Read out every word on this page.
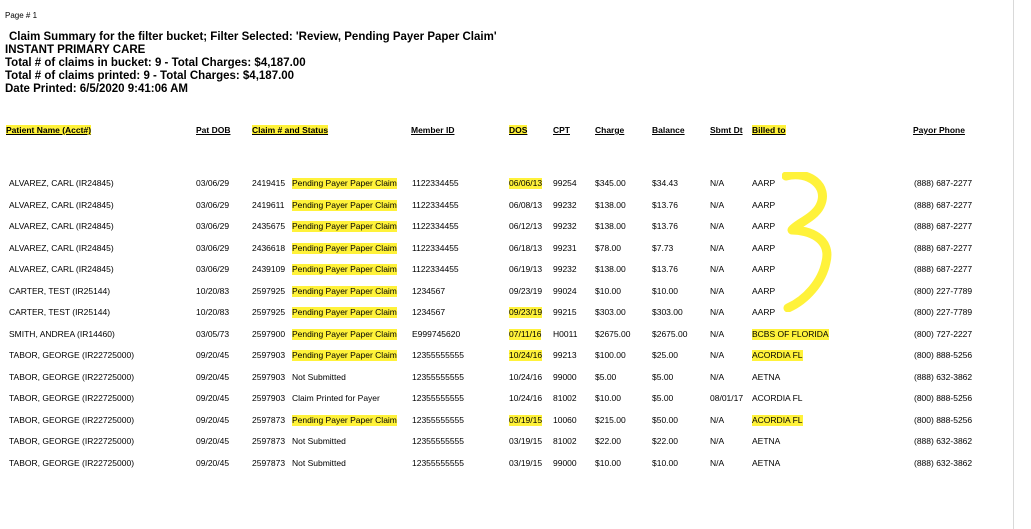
Page # 1
Claim Summary for the filter bucket; Filter Selected: 'Review, Pending Payer Paper Claim'
INSTANT PRIMARY CARE
Total # of claims in bucket: 9 - Total Charges: $4,187.00
Total # of claims printed: 9 - Total Charges: $4,187.00
Date Printed: 6/5/2020 9:41:06 AM
Patient Name (Acct#)	Pat DOB	Claim # and Status	Member ID	DOS	CPT	Charge	Balance	Sbmt Dt Billed to	Payor Phone
ALVAREZ, CARL (IR24845)	03/06/29	2419415 Pending Payer Paper Claim 1122334455	06/06/13 99254 $345.00	$34.43	N/A	AARP	(888) 687-2277
ALVAREZ, CARL (IR24845)	03/06/29	2419611 Pending Payer Paper Claim 1122334455	06/08/13 99232 $138.00	$13.76	N/A	AARP	(888) 687-2277
ALVAREZ, CARL (IR24845)	03/06/29	2435675 Pending Payer Paper Claim 1122334455	06/12/13 99232 $138.00	$13.76	N/A	AARP	(888) 687-2277
ALVAREZ, CARL (IR24845)	03/06/29	2436618 Pending Payer Paper Claim 1122334455	06/18/13 99231 $78.00	$7.73	N/A	AARP	(888) 687-2277
ALVAREZ, CARL (IR24845)	03/06/29	2439109 Pending Payer Paper Claim 1122334455	06/19/13 99232 $138.00	$13.76	N/A	AARP	(888) 687-2277
CARTER, TEST (IR25144)	10/20/83	2597925 Pending Payer Paper Claim 1234567	09/23/19 99024 $10.00	$10.00	N/A	AARP	(800) 227-7789
CARTER, TEST (IR25144)	10/20/83	2597925 Pending Payer Paper Claim 1234567	09/23/19 99215 $303.00	$303.00	N/A	AARP	(800) 227-7789
SMITH, ANDREA (IR14460)	03/05/73	2597900 Pending Payer Paper Claim E999745620	07/11/16 H0011 $2675.00	$2675.00	N/A	BCBS OF FLORIDA	(800) 727-2227
TABOR, GEORGE (IR22725000)	09/20/45	2597903 Pending Payer Paper Claim 12355555555	10/24/16 99213 $100.00	$25.00	N/A	ACORDIA FL	(800) 888-5256
TABOR, GEORGE (IR22725000)	09/20/45	2597903 Not Submitted	12355555555	10/24/16 99000 $5.00	$5.00	N/A	AETNA	(888) 632-3862
TABOR, GEORGE (IR22725000)	09/20/45	2597903 Claim Printed for Payer	12355555555	10/24/16 81002 $10.00	$5.00	08/01/17 ACORDIA FL	(800) 888-5256
TABOR, GEORGE (IR22725000)	09/20/45	2597873 Pending Payer Paper Claim 12355555555	03/19/15 10060 $215.00	$50.00	N/A	ACORDIA FL	(800) 888-5256
TABOR, GEORGE (IR22725000)	09/20/45	2597873 Not Submitted	12355555555	03/19/15 81002 $22.00	$22.00	N/A	AETNA	(888) 632-3862
TABOR, GEORGE (IR22725000)	09/20/45	2597873 Not Submitted	12355555555	03/19/15 99000 $10.00	$10.00	N/A	AETNA	(888) 632-3862
